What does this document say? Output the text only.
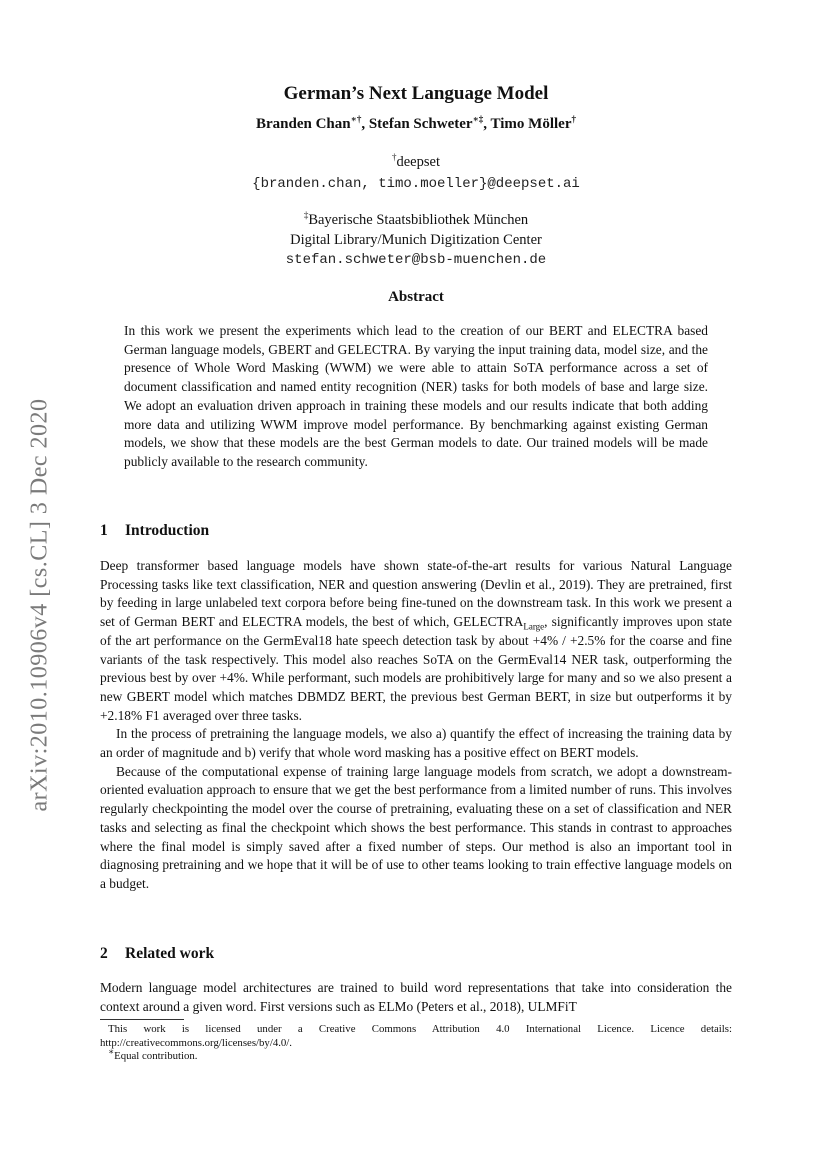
arXiv:2010.10906v4 [cs.CL] 3 Dec 2020
German’s Next Language Model
Branden Chan∗†, Stefan Schweter∗‡, Timo Möller†
†deepset
{branden.chan, timo.moeller}@deepset.ai
‡Bayerische Staatsbibliothek München
Digital Library/Munich Digitization Center
stefan.schweter@bsb-muenchen.de
Abstract
In this work we present the experiments which lead to the creation of our BERT and ELECTRA based German language models, GBERT and GELECTRA. By varying the input training data, model size, and the presence of Whole Word Masking (WWM) we were able to attain SoTA performance across a set of document classification and named entity recognition (NER) tasks for both models of base and large size. We adopt an evaluation driven approach in training these models and our results indicate that both adding more data and utilizing WWM improve model performance. By benchmarking against existing German models, we show that these models are the best German models to date. Our trained models will be made publicly available to the research community.
1 Introduction

Deep transformer based language models have shown state-of-the-art results for various Natural Language Processing tasks like text classification, NER and question answering (Devlin et al., 2019). They are pretrained, first by feeding in large unlabeled text corpora before being fine-tuned on the downstream task. In this work we present a set of German BERT and ELECTRA models, the best of which, $GELECTRA_{Large}$, significantly improves upon state of the art performance on the GermEval18 hate speech detection task by about +4% / +2.5% for the coarse and fine variants of the task respectively. This model also reaches SoTA on the GermEval14 NER task, outperforming the previous best by over +4%. While performant, such models are prohibitively large for many and so we also present a new GBERT model which matches DBMDZ BERT, the previous best German BERT, in size but outperforms it by +2.18% F1 averaged over three tasks.

In the process of pretraining the language models, we also a) quantify the effect of increasing the training data by an order of magnitude and b) verify that whole word masking has a positive effect on BERT models.

Because of the computational expense of training large language models from scratch, we adopt a downstream-oriented evaluation approach to ensure that we get the best performance from a limited number of runs. This involves regularly checkpointing the model over the course of pretraining, evaluating these on a set of classification and NER tasks and selecting as final the checkpoint which shows the best performance. This stands in contrast to approaches where the final model is simply saved after a fixed number of steps. Our method is also an important tool in diagnosing pretraining and we hope that it will be of use to other teams looking to train effective language models on a budget.

2 Related work

Modern language model architectures are trained to build word representations that take into consideration the context around a given word. First versions such as ELMo (Peters et al., 2018), ULMFiT

This work is licensed under a Creative Commons Attribution 4.0 International Licence. Licence details: http://creativecommons.org/licenses/by/4.0/.

∗Equal contribution.
